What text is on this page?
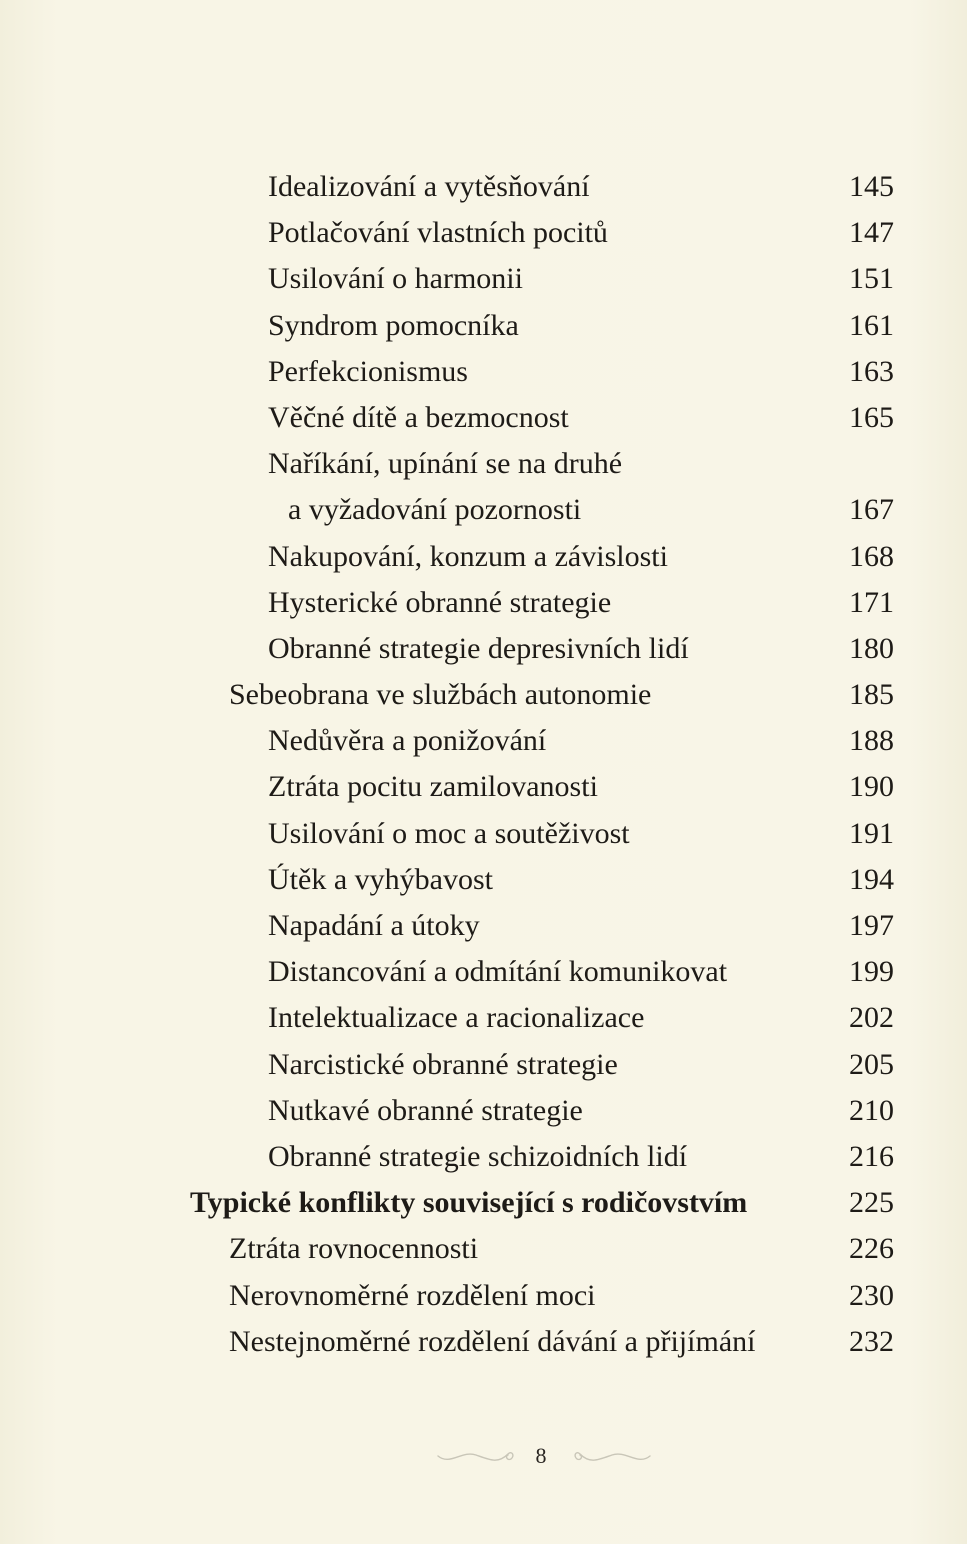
Idealizování a vytěsňování	145
Potlačování vlastních pocitů	147
Usilování o harmonii	151
Syndrom pomocníka	161
Perfekcionismus	163
Věčné dítě a bezmocnost	165
Naříkání, upínání se na druhé
a vyžadování pozornosti	167
Nakupování, konzum a závislosti	168
Hysterické obranné strategie	171
Obranné strategie depresivních lidí	180
Sebeobrana ve službách autonomie	185
Nedůvěra a ponižování	188
Ztráta pocitu zamilovanosti	190
Usilování o moc a soutěživost	191
Útěk a vyhýbavost	194
Napadání a útoky	197
Distancování a odmítání komunikovat	199
Intelektualizace a racionalizace	202
Narcistické obranné strategie	205
Nutkavé obranné strategie	210
Obranné strategie schizoidních lidí	216
Typické konflikty související s rodičovstvím	225
Ztráta rovnocennosti	226
Nerovnoměrné rozdělení moci	230
Nestejnoměrné rozdělení dávání a přijímání	232
8
